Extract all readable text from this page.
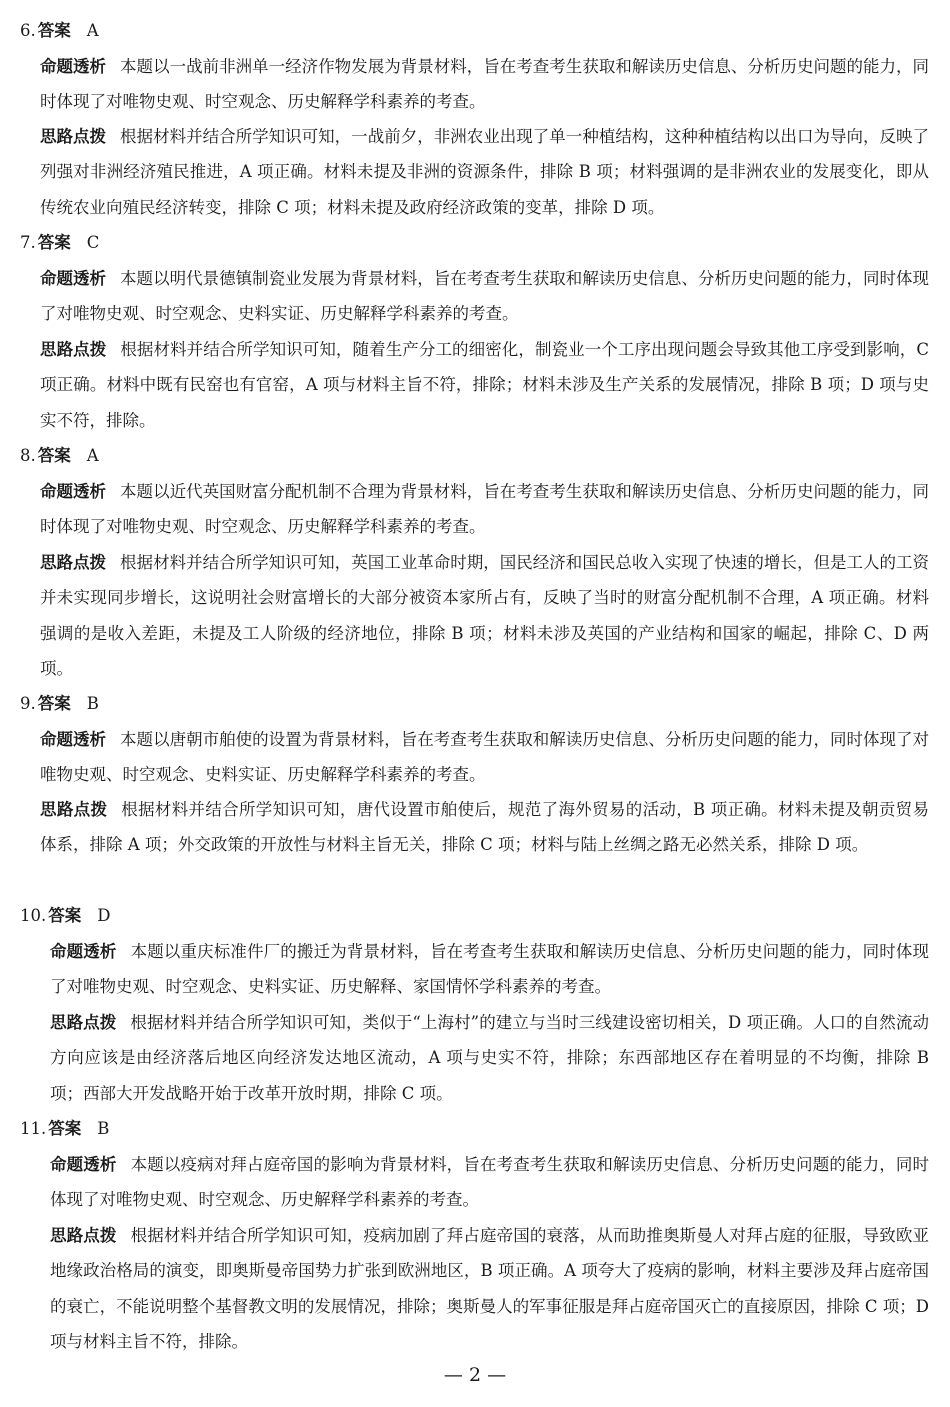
6. 答案 A

命题透析 本题以一战前非洲单一经济作物发展为背景材料，旨在考查考生获取和解读历史信息、分析历史问题的能力，同时体现了对唯物史观、时空观念、历史解释学科素养的考查。

思路点拨 根据材料并结合所学知识可知，一战前夕，非洲农业出现了单一种植结构，这种种植结构以出口为导向，反映了列强对非洲经济殖民推进，A 项正确。材料未提及非洲的资源条件，排除 B 项；材料强调的是非洲农业的发展变化，即从传统农业向殖民经济转变，排除 C 项；材料未提及政府经济政策的变革，排除 D 项。

7. 答案 C

命题透析 本题以明代景德镇制瓷业发展为背景材料，旨在考查考生获取和解读历史信息、分析历史问题的能力，同时体现了对唯物史观、时空观念、史料实证、历史解释学科素养的考查。

思路点拨 根据材料并结合所学知识可知，随着生产分工的细密化，制瓷业一个工序出现问题会导致其他工序受到影响，C 项正确。材料中既有民窑也有官窑，A 项与材料主旨不符，排除；材料未涉及生产关系的发展情况，排除 B 项；D 项与史实不符，排除。

8. 答案 A

命题透析 本题以近代英国财富分配机制不合理为背景材料，旨在考查考生获取和解读历史信息、分析历史问题的能力，同时体现了对唯物史观、时空观念、历史解释学科素养的考查。

思路点拨 根据材料并结合所学知识可知，英国工业革命时期，国民经济和国民总收入实现了快速的增长，但是工人的工资并未实现同步增长，这说明社会财富增长的大部分被资本家所占有，反映了当时的财富分配机制不合理，A 项正确。材料强调的是收入差距，未提及工人阶级的经济地位，排除 B 项；材料未涉及英国的产业结构和国家的崛起，排除 C、D 两项。

9. 答案 B

命题透析 本题以唐朝市舶使的设置为背景材料，旨在考查考生获取和解读历史信息、分析历史问题的能力，同时体现了对唯物史观、时空观念、史料实证、历史解释学科素养的考查。

思路点拨 根据材料并结合所学知识可知，唐代设置市舶使后，规范了海外贸易的活动，B 项正确。材料未提及朝贡贸易体系，排除 A 项；外交政策的开放性与材料主旨无关，排除 C 项；材料与陆上丝绸之路无必然关系，排除 D 项。

10. 答案 D

命题透析 本题以重庆标准件厂的搬迁为背景材料，旨在考查考生获取和解读历史信息、分析历史问题的能力，同时体现了对唯物史观、时空观念、史料实证、历史解释、家国情怀学科素养的考查。

思路点拨 根据材料并结合所学知识可知，类似于“上海村”的建立与当时三线建设密切相关，D 项正确。人口的自然流动方向应该是由经济落后地区向经济发达地区流动，A 项与史实不符，排除；东西部地区存在着明显的不均衡，排除 B 项；西部大开发战略开始于改革开放时期，排除 C 项。

11. 答案 B

命题透析 本题以疫病对拜占庭帝国的影响为背景材料，旨在考查考生获取和解读历史信息、分析历史问题的能力，同时体现了对唯物史观、时空观念、历史解释学科素养的考查。

思路点拨 根据材料并结合所学知识可知，疫病加剧了拜占庭帝国的衰落，从而助推奥斯曼人对拜占庭的征服，导致欧亚地缘政治格局的演变，即奥斯曼帝国势力扩张到欧洲地区，B 项正确。A 项夸大了疫病的影响，材料主要涉及拜占庭帝国的衰亡，不能说明整个基督教文明的发展情况，排除；奥斯曼人的军事征服是拜占庭帝国灭亡的直接原因，排除 C 项；D 项与材料主旨不符，排除。

— 2 —
